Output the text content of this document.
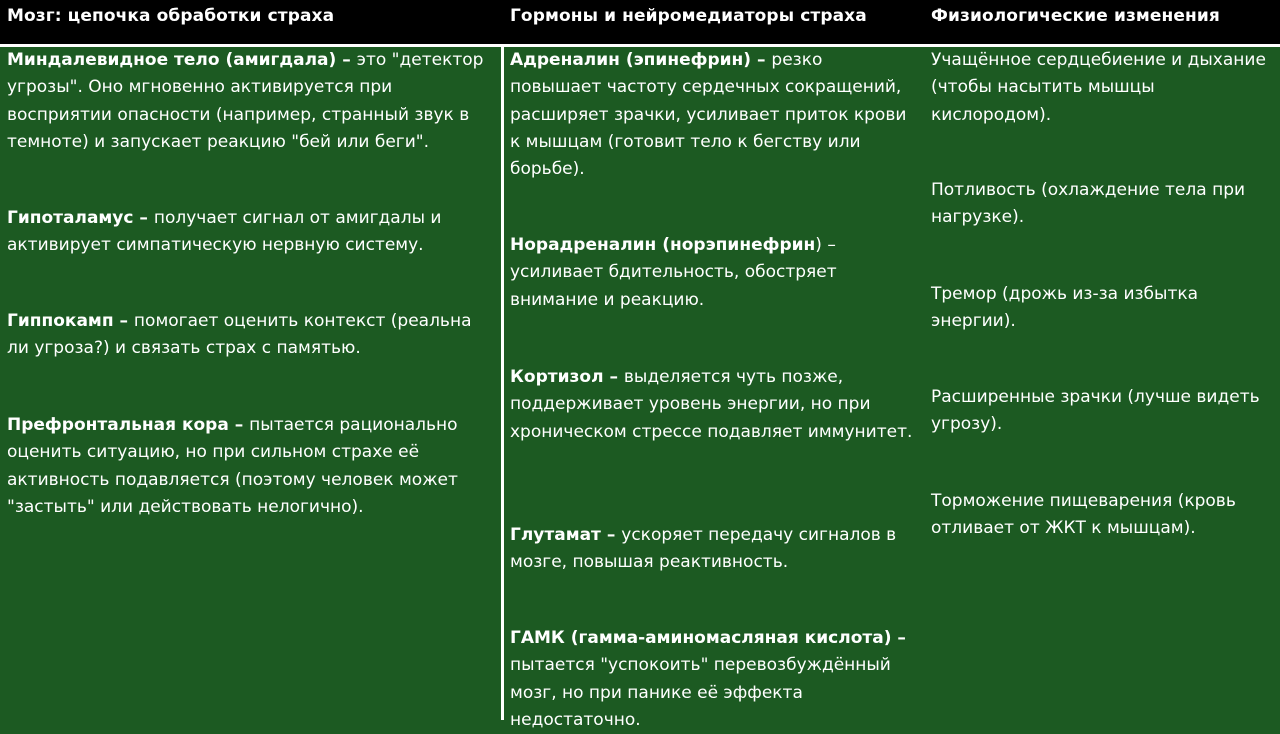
Мозг: цепочка обработки страха	Гормоны и нейромедиаторы страха	Физиологические изменения

Миндалевидное тело (амигдала) – это "детектор угрозы". Оно мгновенно активируется при восприятии опасности (например, странный звук в темноте) и запускает реакцию "бей или беги".

Гипоталамус – получает сигнал от амигдалы и активирует симпатическую нервную систему.

Гиппокамп – помогает оценить контекст (реальна ли угроза?) и связать страх с памятью.

Префронтальная кора – пытается рационально оценить ситуацию, но при сильном страхе её активность подавляется (поэтому человек может "застыть" или действовать нелогично).

Адреналин (эпинефрин) – резко повышает частоту сердечных сокращений, расширяет зрачки, усиливает приток крови к мышцам (готовит тело к бегству или борьбе).

Норадреналин (норэпинефрин) – усиливает бдительность, обостряет внимание и реакцию.

Кортизол – выделяется чуть позже, поддерживает уровень энергии, но при хроническом стрессе подавляет иммунитет.

Глутамат – ускоряет передачу сигналов в мозге, повышая реактивность.

ГАМК (гамма-аминомасляная кислота) – пытается "успокоить" перевозбуждённый мозг, но при панике её эффекта недостаточно.

Учащённое сердцебиение и дыхание (чтобы насытить мышцы кислородом).

Потливость (охлаждение тела при нагрузке).

Тремор (дрожь из-за избытка энергии).

Расширенные зрачки (лучше видеть угрозу).

Торможение пищеварения (кровь отливает от ЖКТ к мышцам).
